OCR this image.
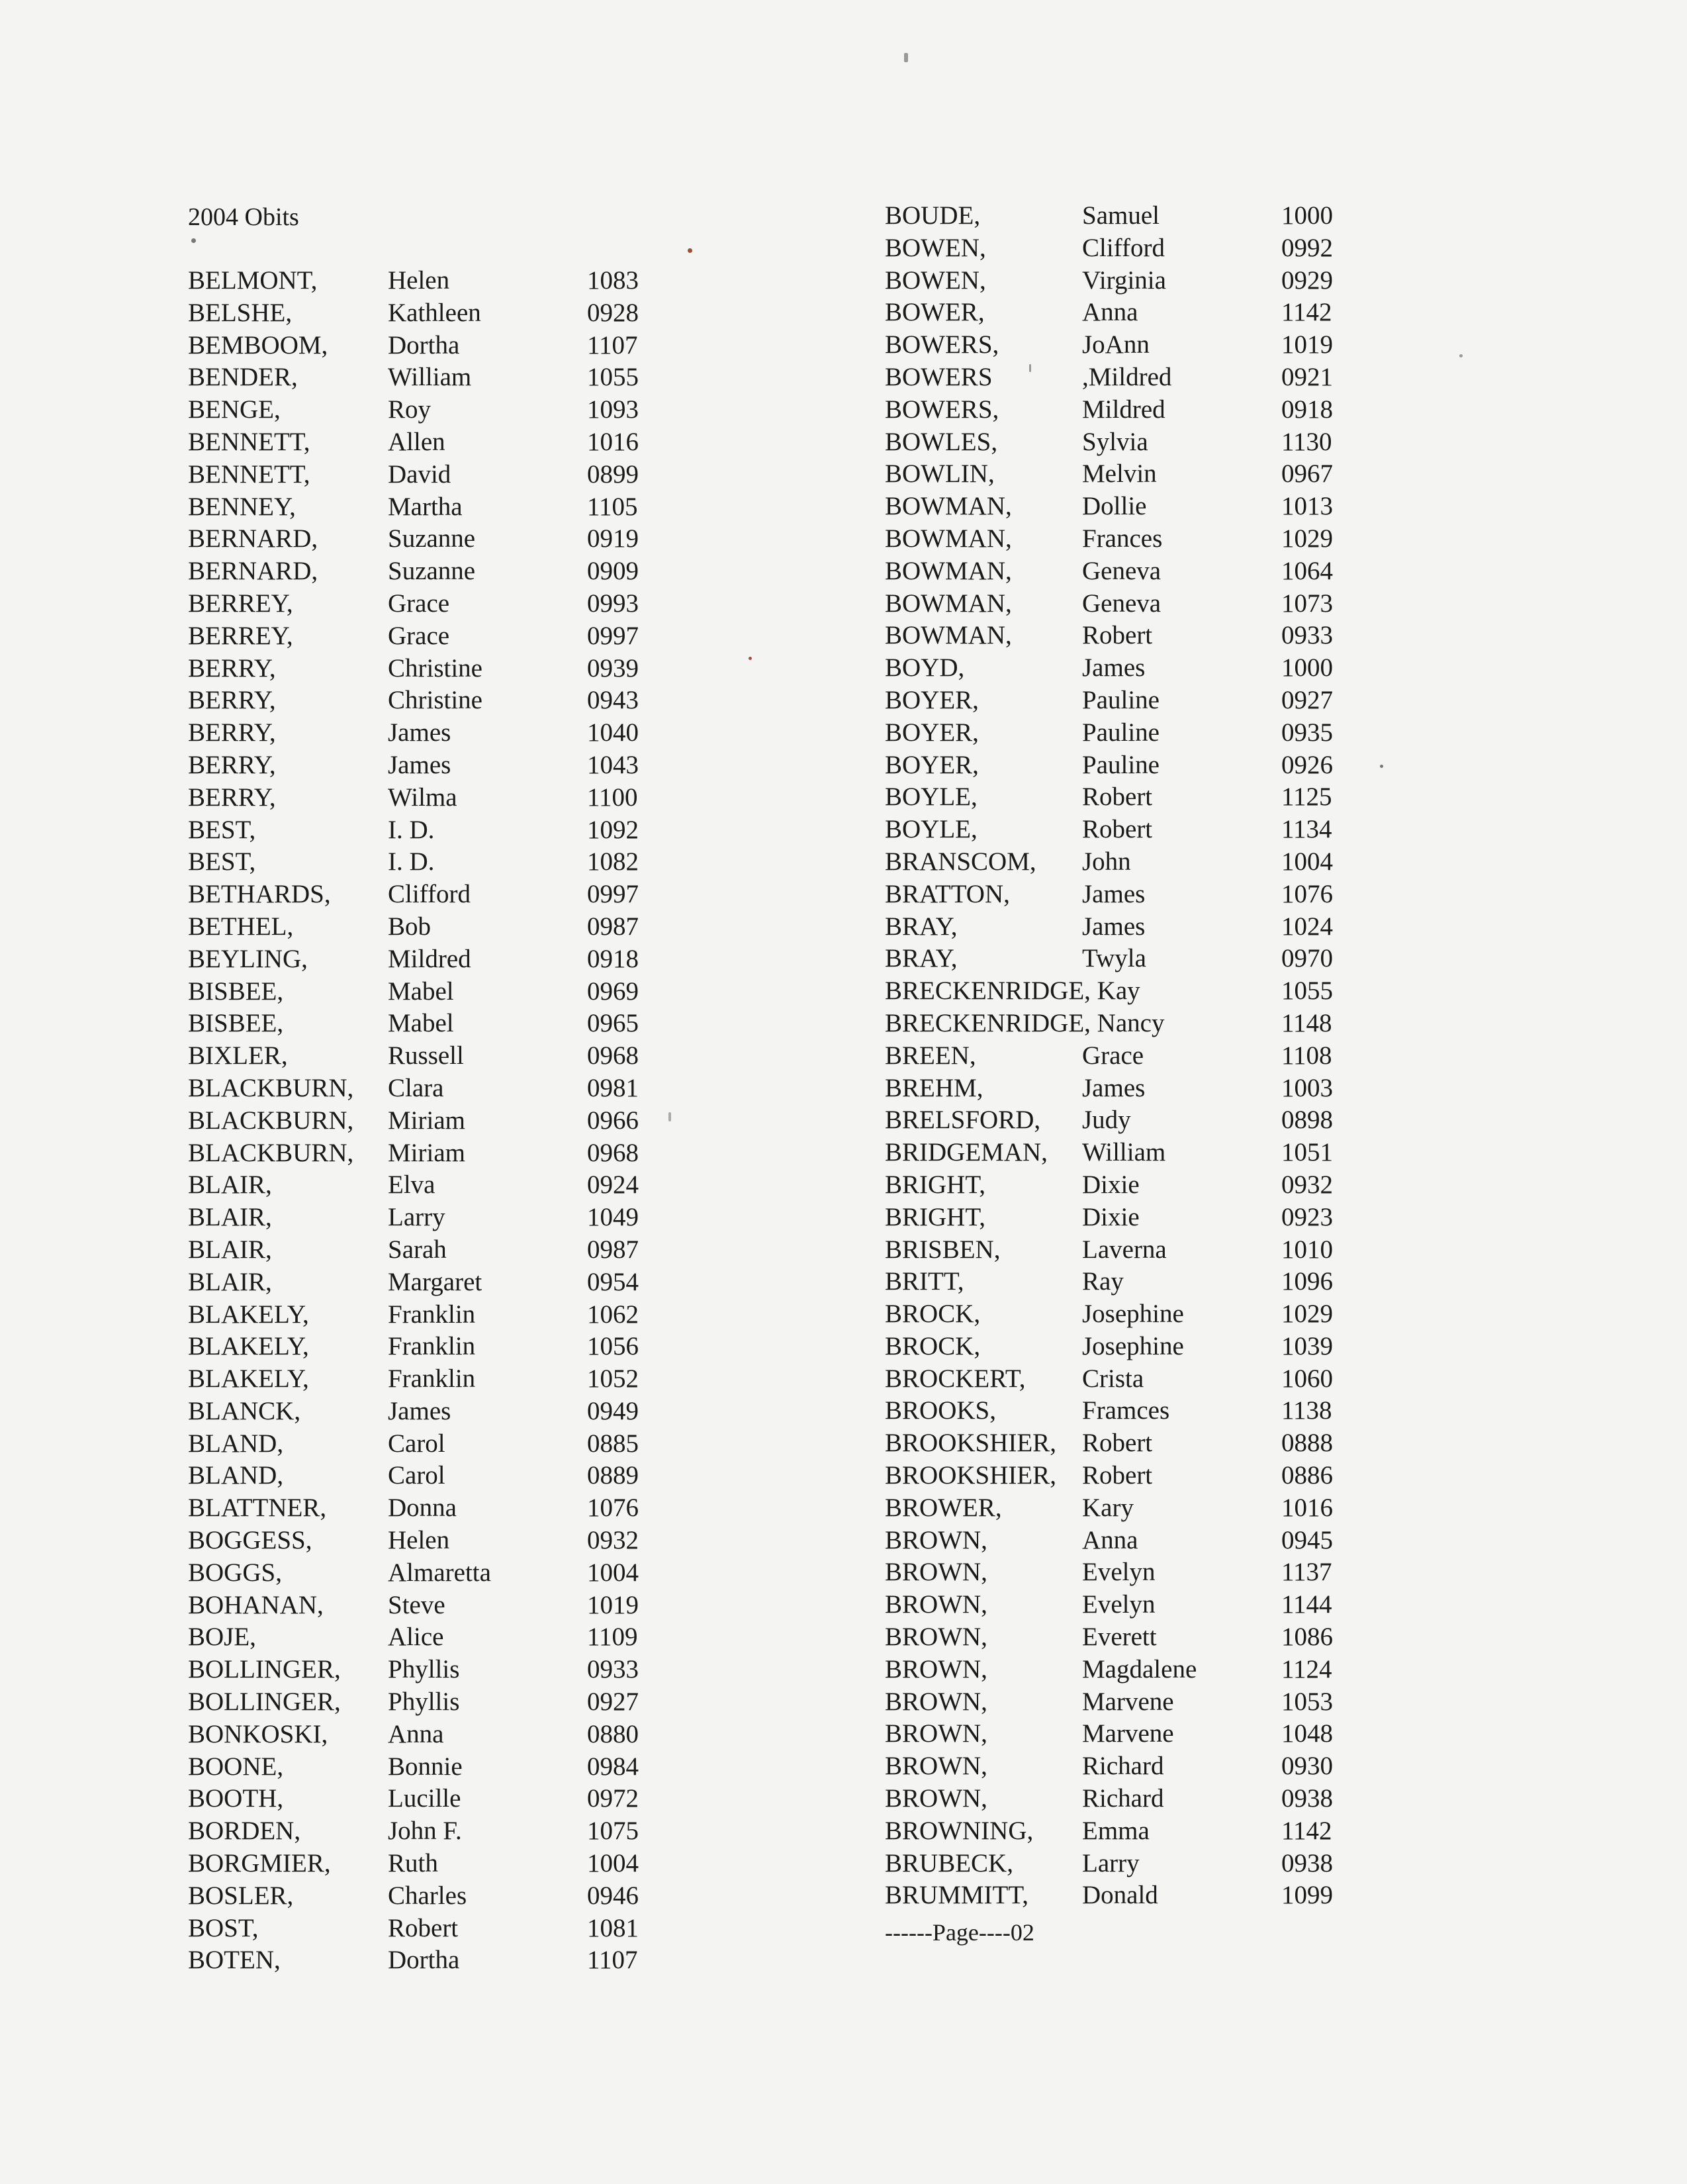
2004 Obits
BELMONT,	Helen	1083
BELSHE,	Kathleen	0928
BEMBOOM, Dortha	1107
BENDER,	William	1055
BENGE,	Roy	1093
BENNETT,	Allen	1016
BENNETT,	David	0899
BENNEY,	Martha	1105
BERNARD,	Suzanne	0919
BERNARD,	Suzanne	0909
BERREY,	Grace	0993
BERREY,	Grace	0997
BERRY,	Christine	0939
BERRY,	Christine	0943
BERRY,	James	1040
BERRY,	James	1043
BERRY,	Wilma	1100
BEST,	I. D.	1092
BEST,	I. D.	1082
BETHARDS, Clifford	0997
BETHEL,	Bob	0987
BEYLING,	Mildred	0918
BISBEE,	Mabel	0969
BISBEE,	Mabel	0965
BIXLER,	Russell	0968
BLACKBURN, Clara	0981
BLACKBURN, Miriam	0966
BLACKBURN, Miriam	0968
BLAIR,	Elva	0924
BLAIR,	Larry	1049
BLAIR,	Sarah	0987
BLAIR,	Margaret	0954
BLAKELY,	Franklin	1062
BLAKELY,	Franklin	1056
BLAKELY,	Franklin	1052
BLANCK,	James	0949
BLAND,	Carol	0885
BLAND,	Carol	0889
BLATTNER, Donna	1076
BOGGESS,	Helen	0932
BOGGS,	Almaretta	1004
BOHANAN, Steve	1019
BOJE,	Alice	1109
BOLLINGER, Phyllis	0933
BOLLINGER, Phyllis	0927
BONKOSKI, Anna	0880
BOONE,	Bonnie	0984
BOOTH,	Lucille	0972
BORDEN,	John F.	1075
BORGMIER, Ruth	1004
BOSLER,	Charles	0946
BOST,	Robert	1081
BOTEN,	Dortha	1107
BOUDE,	Samuel	1000
BOWEN,	Clifford	0992
BOWEN,	Virginia	0929
BOWER,	Anna	1142
BOWERS,	JoAnn	1019
BOWERS	,Mildred	0921
BOWERS,	Mildred	0918
BOWLES,	Sylvia	1130
BOWLIN,	Melvin	0967
BOWMAN,	Dollie	1013
BOWMAN,	Frances	1029
BOWMAN,	Geneva	1064
BOWMAN,	Geneva	1073
BOWMAN,	Robert	0933
BOYD,	James	1000
BOYER,	Pauline	0927
BOYER,	Pauline	0935
BOYER,	Pauline	0926
BOYLE,	Robert	1125
BOYLE,	Robert	1134
BRANSCOM, John	1004
BRATTON,	James	1076
BRAY,	James	1024
BRAY,	Twyla	0970
BRECKENRIDGE, Kay	1055
BRECKENRIDGE, Nancy	1148
BREEN,	Grace	1108
BREHM,	James	1003
BRELSFORD, Judy	0898
BRIDGEMAN, William	1051
BRIGHT,	Dixie	0932
BRIGHT,	Dixie	0923
BRISBEN,	Laverna	1010
BRITT,	Ray	1096
BROCK,	Josephine	1029
BROCK,	Josephine	1039
BROCKERT, Crista	1060
BROOKS,	Framces	1138
BROOKSHIER, Robert	0888
BROOKSHIER, Robert	0886
BROWER,	Kary	1016
BROWN,	Anna	0945
BROWN,	Evelyn	1137
BROWN,	Evelyn	1144
BROWN,	Everett	1086
BROWN,	Magdalene	1124
BROWN,	Marvene	1053
BROWN,	Marvene	1048
BROWN,	Richard	0930
BROWN,	Richard	0938
BROWNING, Emma	1142
BRUBECK,	Larry	0938
BRUMMITT, Donald	1099
------Page----02
